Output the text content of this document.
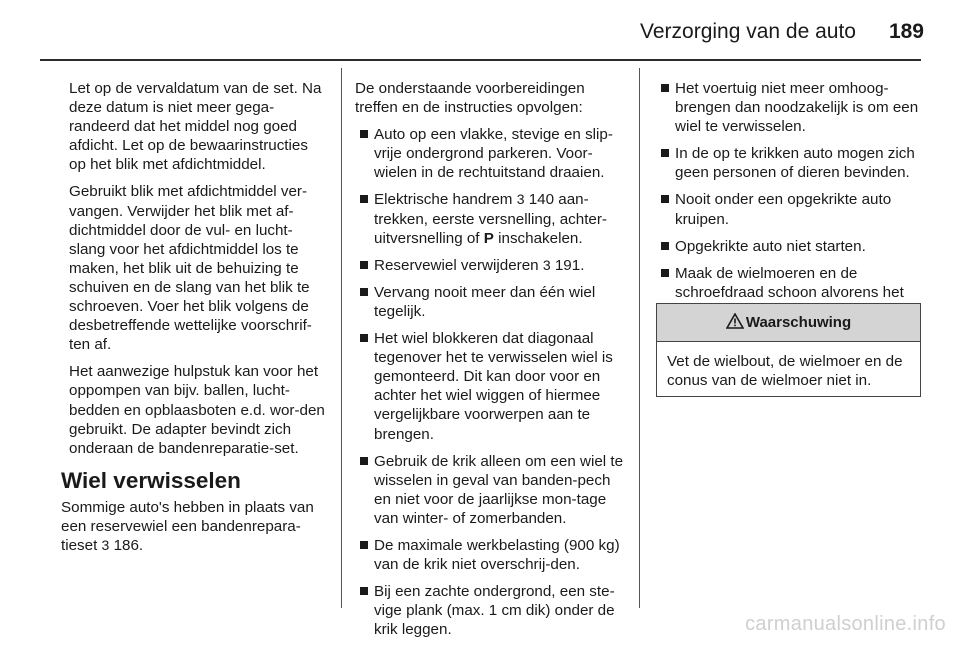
Verzorging van de auto 189

Let op de vervaldatum van de set. Na deze datum is niet meer gega-randeerd dat het middel nog goed afdicht. Let op de bewaarinstructies op het blik met afdichtmiddel.

Gebruikt blik met afdichtmiddel ver-vangen. Verwijder het blik met af-dichtmiddel door de vul- en lucht-slang voor het afdichtmiddel los te maken, het blik uit de behuizing te schuiven en de slang van het blik te schroeven. Voer het blik volgens de desbetreffende wettelijke voorschrif-ten af.

Het aanwezige hulpstuk kan voor het oppompen van bijv. ballen, lucht-bedden en opblaasboten e.d. wor-den gebruikt. De adapter bevindt zich onderaan de bandenreparatie-set.

Wiel verwisselen

Sommige auto's hebben in plaats van een reservewiel een bandenrepara-tieset 3 186.

De onderstaande voorbereidingen treffen en de instructies opvolgen:

Auto op een vlakke, stevige en slip-vrije ondergrond parkeren. Voor-wielen in de rechtuitstand draaien.
Elektrische handrem 3 140 aan-trekken, eerste versnelling, achter-uitversnelling of P inschakelen.
Reservewiel verwijderen 3 191.
Vervang nooit meer dan één wiel tegelijk.
Het wiel blokkeren dat diagonaal tegenover het te verwisselen wiel is gemonteerd. Dit kan door voor en achter het wiel wiggen of hiermee vergelijkbare voorwerpen aan te brengen.
Gebruik de krik alleen om een wiel te wisselen in geval van banden-pech en niet voor de jaarlijkse mon-tage van winter- of zomerbanden.
De maximale werkbelasting (900 kg) van de krik niet overschrij-den.
Bij een zachte ondergrond, een ste-vige plank (max. 1 cm dik) onder de krik leggen.
Het voertuig niet meer omhoog-brengen dan noodzakelijk is om een wiel te verwisselen.
In de op te krikken auto mogen zich geen personen of dieren bevinden.
Nooit onder een opgekrikte auto kruipen.
Opgekrikte auto niet starten.
Maak de wielmoeren en de schroefdraad schoon alvorens het
Waarschuwing
Vet de wielbout, de wielmoer en de conus van de wielmoer niet in.
carmanualsonline.info
